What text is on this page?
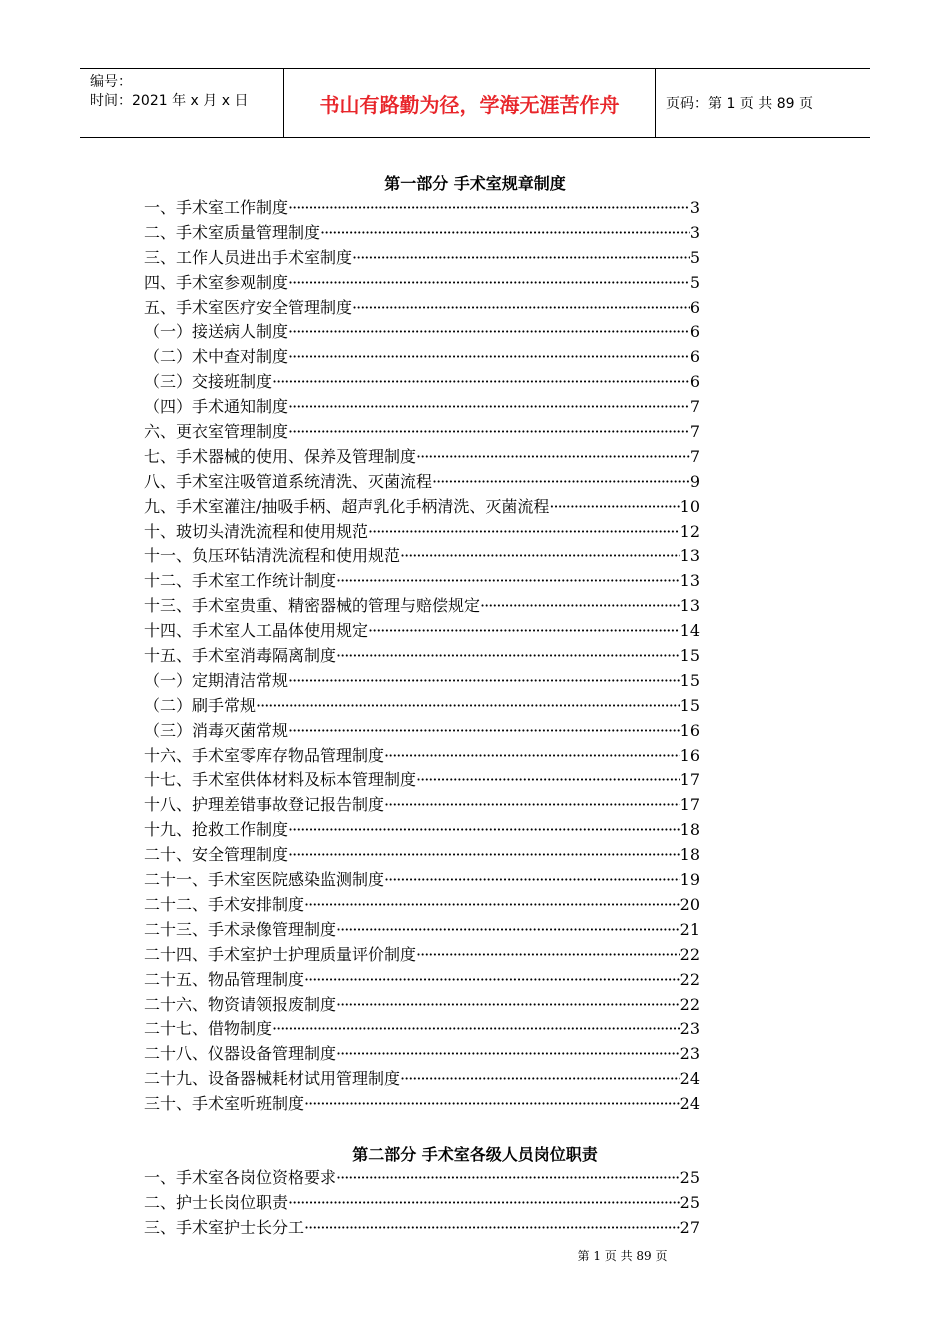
编号：
时间：2021 年 x 月 x 日	书山有路勤为径，学海无涯苦作舟	页码：第 1 页 共 89 页
第一部分 手术室规章制度
一、手术室工作制度 ·····	3
二、手术室质量管理制度 ·····	3
三、工作人员进出手术室制度 ·····	5
四、手术室参观制度 ·····	5
五、手术室医疗安全管理制度 ·····	6
（一）接送病人制度 ·····	6
（二）术中查对制度 ·····	6
（三）交接班制度 ·····	6
（四）手术通知制度 ·····	7
六、更衣室管理制度 ·····	7
七、手术器械的使用、保养及管理制度 ·····	7
八、手术室注吸管道系统清洗、灭菌流程 ·····	9
九、手术室灌注/抽吸手柄、超声乳化手柄清洗、灭菌流程 ·····	10
十、玻切头清洗流程和使用规范 ·····	12
十一、负压环钻清洗流程和使用规范 ·····	13
十二、手术室工作统计制度 ·····	13
十三、手术室贵重、精密器械的管理与赔偿规定 ·····	13
十四、手术室人工晶体使用规定 ·····	14
十五、手术室消毒隔离制度 ·····	15
（一）定期清洁常规 ·····	15
（二）刷手常规 ·····	15
（三）消毒灭菌常规 ·····	16
十六、手术室零库存物品管理制度 ·····	16
十七、手术室供体材料及标本管理制度 ·····	17
十八、护理差错事故登记报告制度 ·····	17
十九、抢救工作制度 ·····	18
二十、安全管理制度 ·····	18
二十一、手术室医院感染监测制度 ·····	19
二十二、手术安排制度 ·····	20
二十三、手术录像管理制度 ·····	21
二十四、手术室护士护理质量评价制度 ·····	22
二十五、物品管理制度 ·····	22
二十六、物资请领报废制度 ·····	22
二十七、借物制度 ·····	23
二十八、仪器设备管理制度 ·····	23
二十九、设备器械耗材试用管理制度 ·····	24
三十、手术室听班制度 ·····	24
第二部分 手术室各级人员岗位职责
一、手术室各岗位资格要求 ·····	25
二、护士长岗位职责 ·····	25
三、手术室护士长分工 ·····	27
第 1 页 共 89 页
